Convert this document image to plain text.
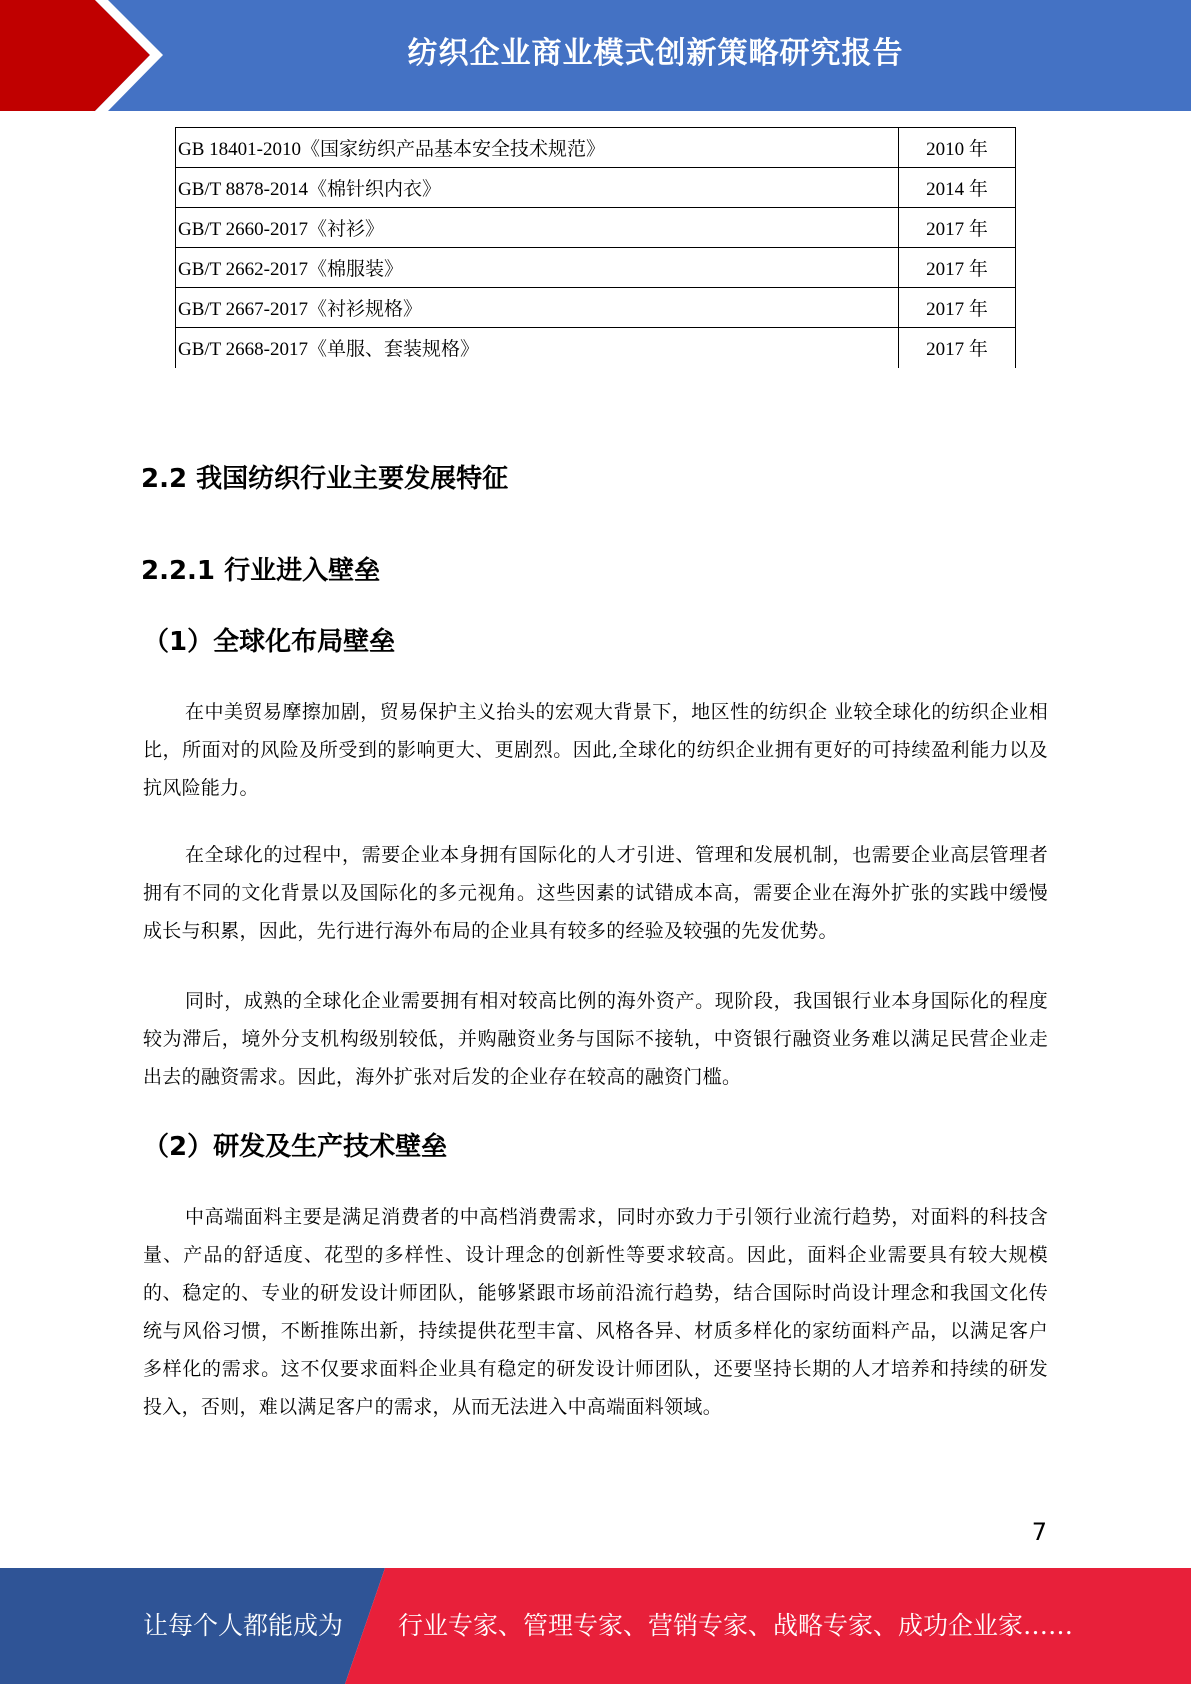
纺织企业商业模式创新策略研究报告
GB 18401-2010《国家纺织产品基本安全技术规范》	2010 年
GB/T 8878-2014《棉针织内衣》	2014 年
GB/T 2660-2017《衬衫》	2017 年
GB/T 2662-2017《棉服装》	2017 年
GB/T 2667-2017《衬衫规格》	2017 年
GB/T 2668-2017《单服、套装规格》	2017 年
2.2 我国纺织行业主要发展特征
2.2.1 行业进入壁垒
（1）全球化布局壁垒

在中美贸易摩擦加剧，贸易保护主义抬头的宏观大背景下，地区性的纺织企 业较全球化的纺织企业相比，所面对的风险及所受到的影响更大、更剧烈。因此,全球化的纺织企业拥有更好的可持续盈利能力以及抗风险能力。

在全球化的过程中，需要企业本身拥有国际化的人才引进、管理和发展机制，也需要企业高层管理者拥有不同的文化背景以及国际化的多元视角。这些因素的试错成本高，需要企业在海外扩张的实践中缓慢成长与积累，因此，先行进行海外布局的企业具有较多的经验及较强的先发优势。

同时，成熟的全球化企业需要拥有相对较高比例的海外资产。现阶段，我国银行业本身国际化的程度较为滞后，境外分支机构级别较低，并购融资业务与国际不接轨，中资银行融资业务难以满足民营企业走出去的融资需求。因此，海外扩张对后发的企业存在较高的融资门槛。

（2）研发及生产技术壁垒

中高端面料主要是满足消费者的中高档消费需求，同时亦致力于引领行业流行趋势，对面料的科技含量、产品的舒适度、花型的多样性、设计理念的创新性等要求较高。因此，面料企业需要具有较大规模的、稳定的、专业的研发设计师团队，能够紧跟市场前沿流行趋势，结合国际时尚设计理念和我国文化传统与风俗习惯，不断推陈出新，持续提供花型丰富、风格各异、材质多样化的家纺面料产品，以满足客户多样化的需求。这不仅要求面料企业具有稳定的研发设计师团队，还要坚持长期的人才培养和持续的研发投入，否则，难以满足客户的需求，从而无法进入中高端面料领域。

7
让每个人都能成为 行业专家、管理专家、营销专家、战略专家、成功企业家……
